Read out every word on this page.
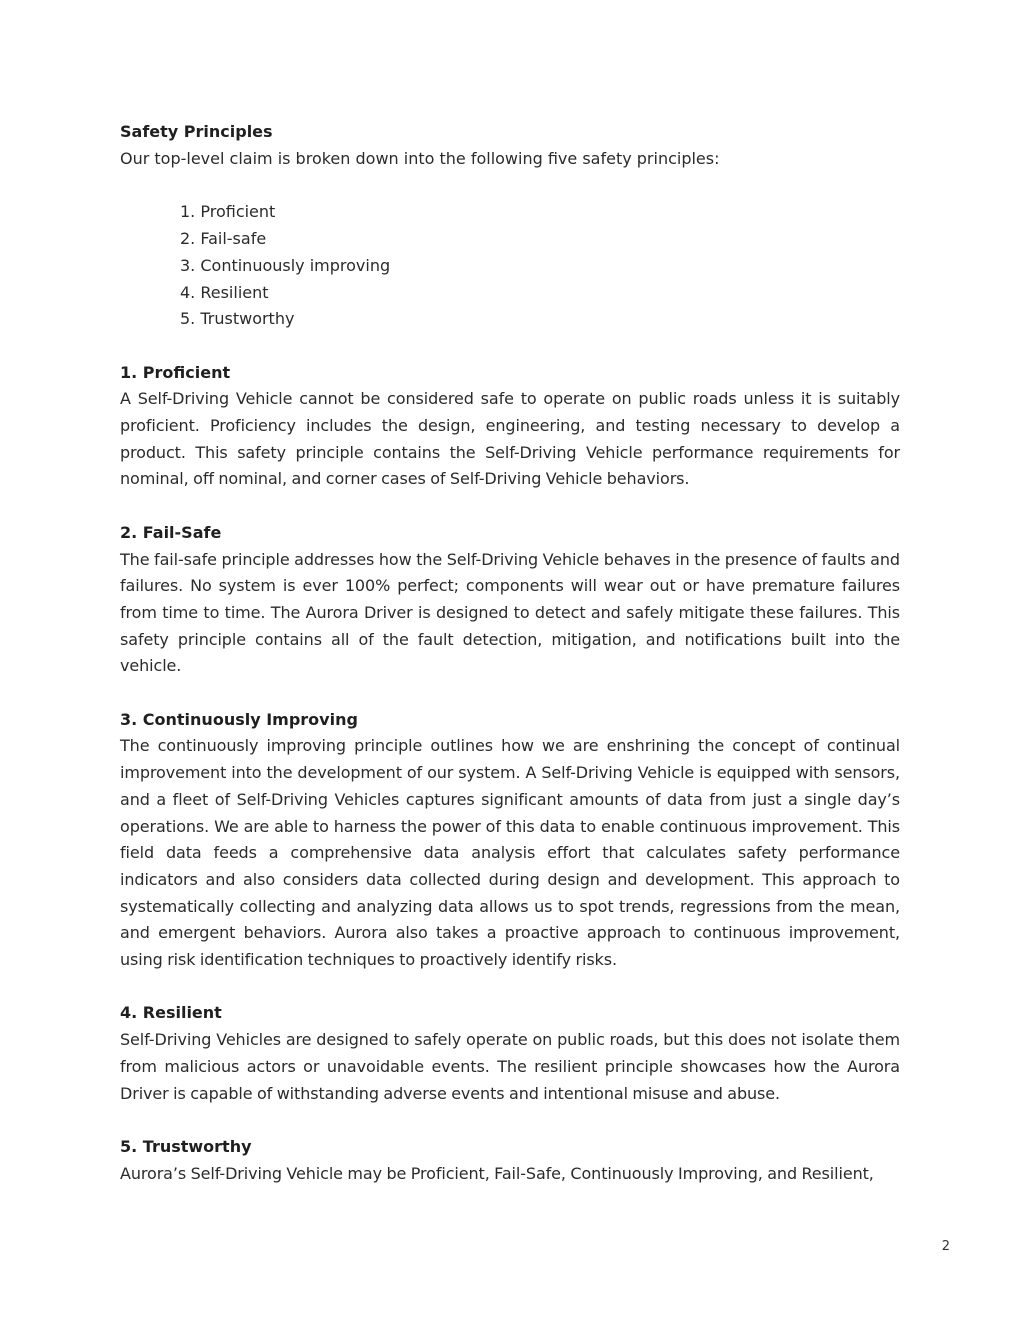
Safety Principles

Our top-level claim is broken down into the following five safety principles:

1. Proficient
2. Fail-safe
3. Continuously improving
4. Resilient
5. Trustworthy

1. Proficient

A Self-Driving Vehicle cannot be considered safe to operate on public roads unless it is suitably proficient. Proficiency includes the design, engineering, and testing necessary to develop a product. This safety principle contains the Self-Driving Vehicle performance requirements for nominal, off nominal, and corner cases of Self-Driving Vehicle behaviors.

2. Fail-Safe

The fail-safe principle addresses how the Self-Driving Vehicle behaves in the presence of faults and failures. No system is ever 100% perfect; components will wear out or have premature failures from time to time. The Aurora Driver is designed to detect and safely mitigate these failures. This safety principle contains all of the fault detection, mitigation, and notifications built into the vehicle.

3. Continuously Improving

The continuously improving principle outlines how we are enshrining the concept of continual improvement into the development of our system. A Self-Driving Vehicle is equipped with sensors, and a fleet of Self-Driving Vehicles captures significant amounts of data from just a single day’s operations. We are able to harness the power of this data to enable continuous improvement. This field data feeds a comprehensive data analysis effort that calculates safety performance indicators and also considers data collected during design and development. This approach to systematically collecting and analyzing data allows us to spot trends, regressions from the mean, and emergent behaviors. Aurora also takes a proactive approach to continuous improvement, using risk identification techniques to proactively identify risks.

4. Resilient

Self-Driving Vehicles are designed to safely operate on public roads, but this does not isolate them from malicious actors or unavoidable events. The resilient principle showcases how the Aurora Driver is capable of withstanding adverse events and intentional misuse and abuse.

5. Trustworthy

Aurora’s Self-Driving Vehicle may be Proficient, Fail-Safe, Continuously Improving, and Resilient,

2
